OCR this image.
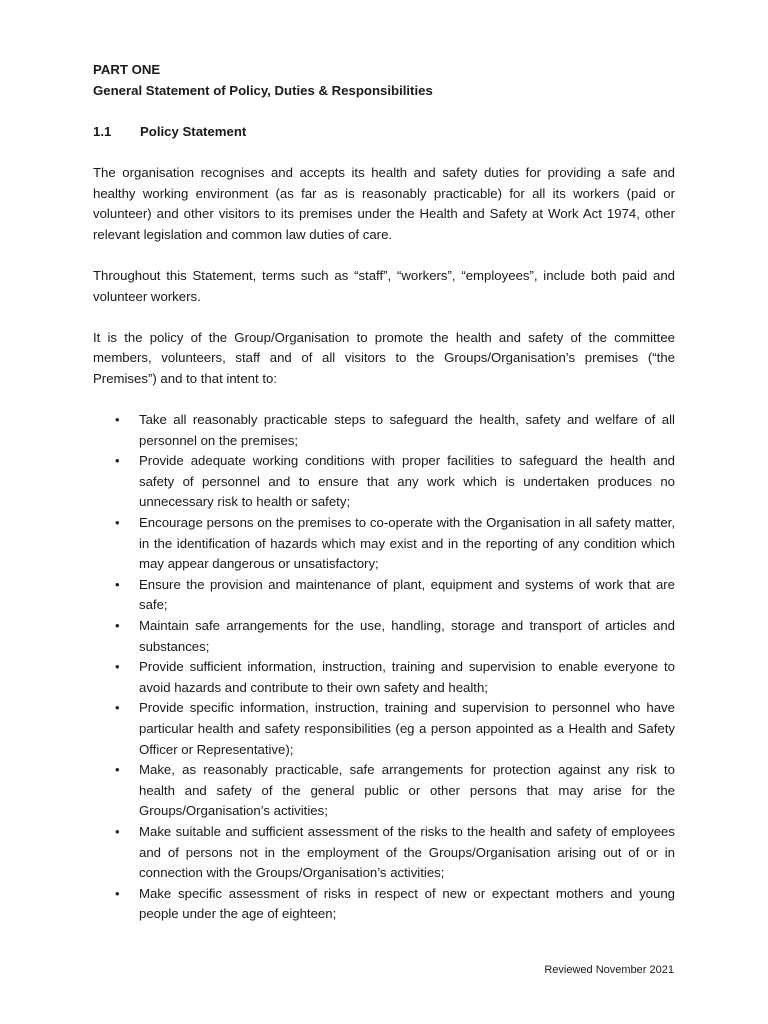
PART ONE
General Statement of Policy, Duties & Responsibilities
1.1	Policy Statement

The organisation recognises and accepts its health and safety duties for providing a safe and healthy working environment (as far as is reasonably practicable) for all its workers (paid or volunteer) and other visitors to its premises under the Health and Safety at Work Act 1974, other relevant legislation and common law duties of care.

Throughout this Statement, terms such as “staff”, “workers”, “employees”, include both paid and volunteer workers.

It is the policy of the Group/Organisation to promote the health and safety of the committee members, volunteers, staff and of all visitors to the Groups/Organisation’s premises (“the Premises”) and to that intent to:

• Take all reasonably practicable steps to safeguard the health, safety and welfare of all personnel on the premises;
• Provide adequate working conditions with proper facilities to safeguard the health and safety of personnel and to ensure that any work which is undertaken produces no unnecessary risk to health or safety;
• Encourage persons on the premises to co-operate with the Organisation in all safety matter, in the identification of hazards which may exist and in the reporting of any condition which may appear dangerous or unsatisfactory;
• Ensure the provision and maintenance of plant, equipment and systems of work that are safe;
• Maintain safe arrangements for the use, handling, storage and transport of articles and substances;
• Provide sufficient information, instruction, training and supervision to enable everyone to avoid hazards and contribute to their own safety and health;
• Provide specific information, instruction, training and supervision to personnel who have particular health and safety responsibilities (eg a person appointed as a Health and Safety Officer or Representative);
• Make, as reasonably practicable, safe arrangements for protection against any risk to health and safety of the general public or other persons that may arise for the Groups/Organisation’s activities;
• Make suitable and sufficient assessment of the risks to the health and safety of employees and of persons not in the employment of the Groups/Organisation arising out of or in connection with the Groups/Organisation’s activities;
• Make specific assessment of risks in respect of new or expectant mothers and young people under the age of eighteen;
Reviewed November 2021
